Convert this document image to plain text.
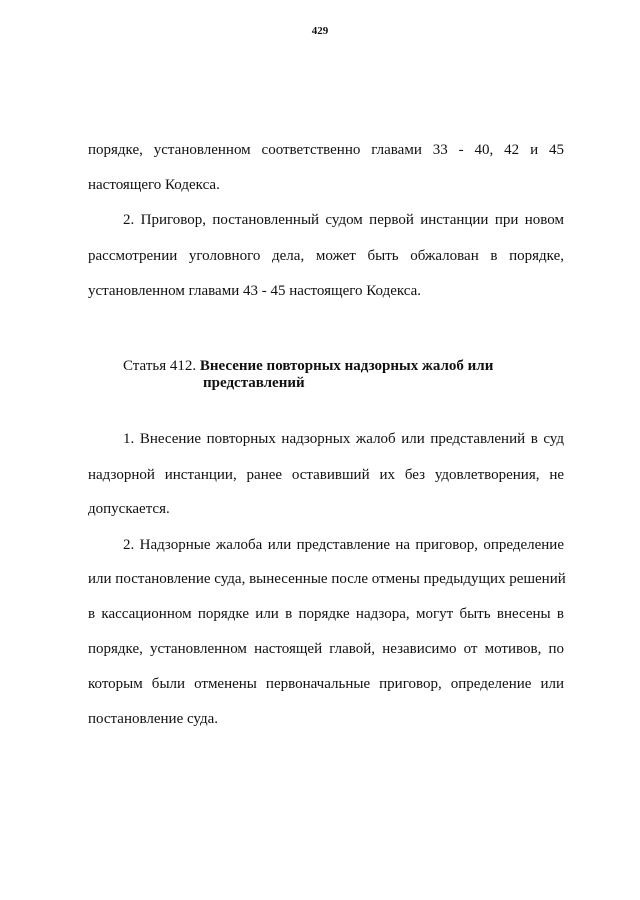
429
порядке, установленном соответственно главами 33 - 40, 42 и 45
настоящего Кодекса.
2. Приговор, постановленный судом первой инстанции при новом
рассмотрении уголовного дела, может быть обжалован в порядке,
установленном главами 43 - 45 настоящего Кодекса.
Статья 412. Внесение повторных надзорных жалоб или
представлений
1. Внесение повторных надзорных жалоб или представлений в суд
надзорной инстанции, ранее оставивший их без удовлетворения, не
допускается.
2. Надзорные жалоба или представление на приговор, определение
или постановление суда, вынесенные после отмены предыдущих решений
в кассационном порядке или в порядке надзора, могут быть внесены в
порядке, установленном настоящей главой, независимо от мотивов, по
которым были отменены первоначальные приговор, определение или
постановление суда.
